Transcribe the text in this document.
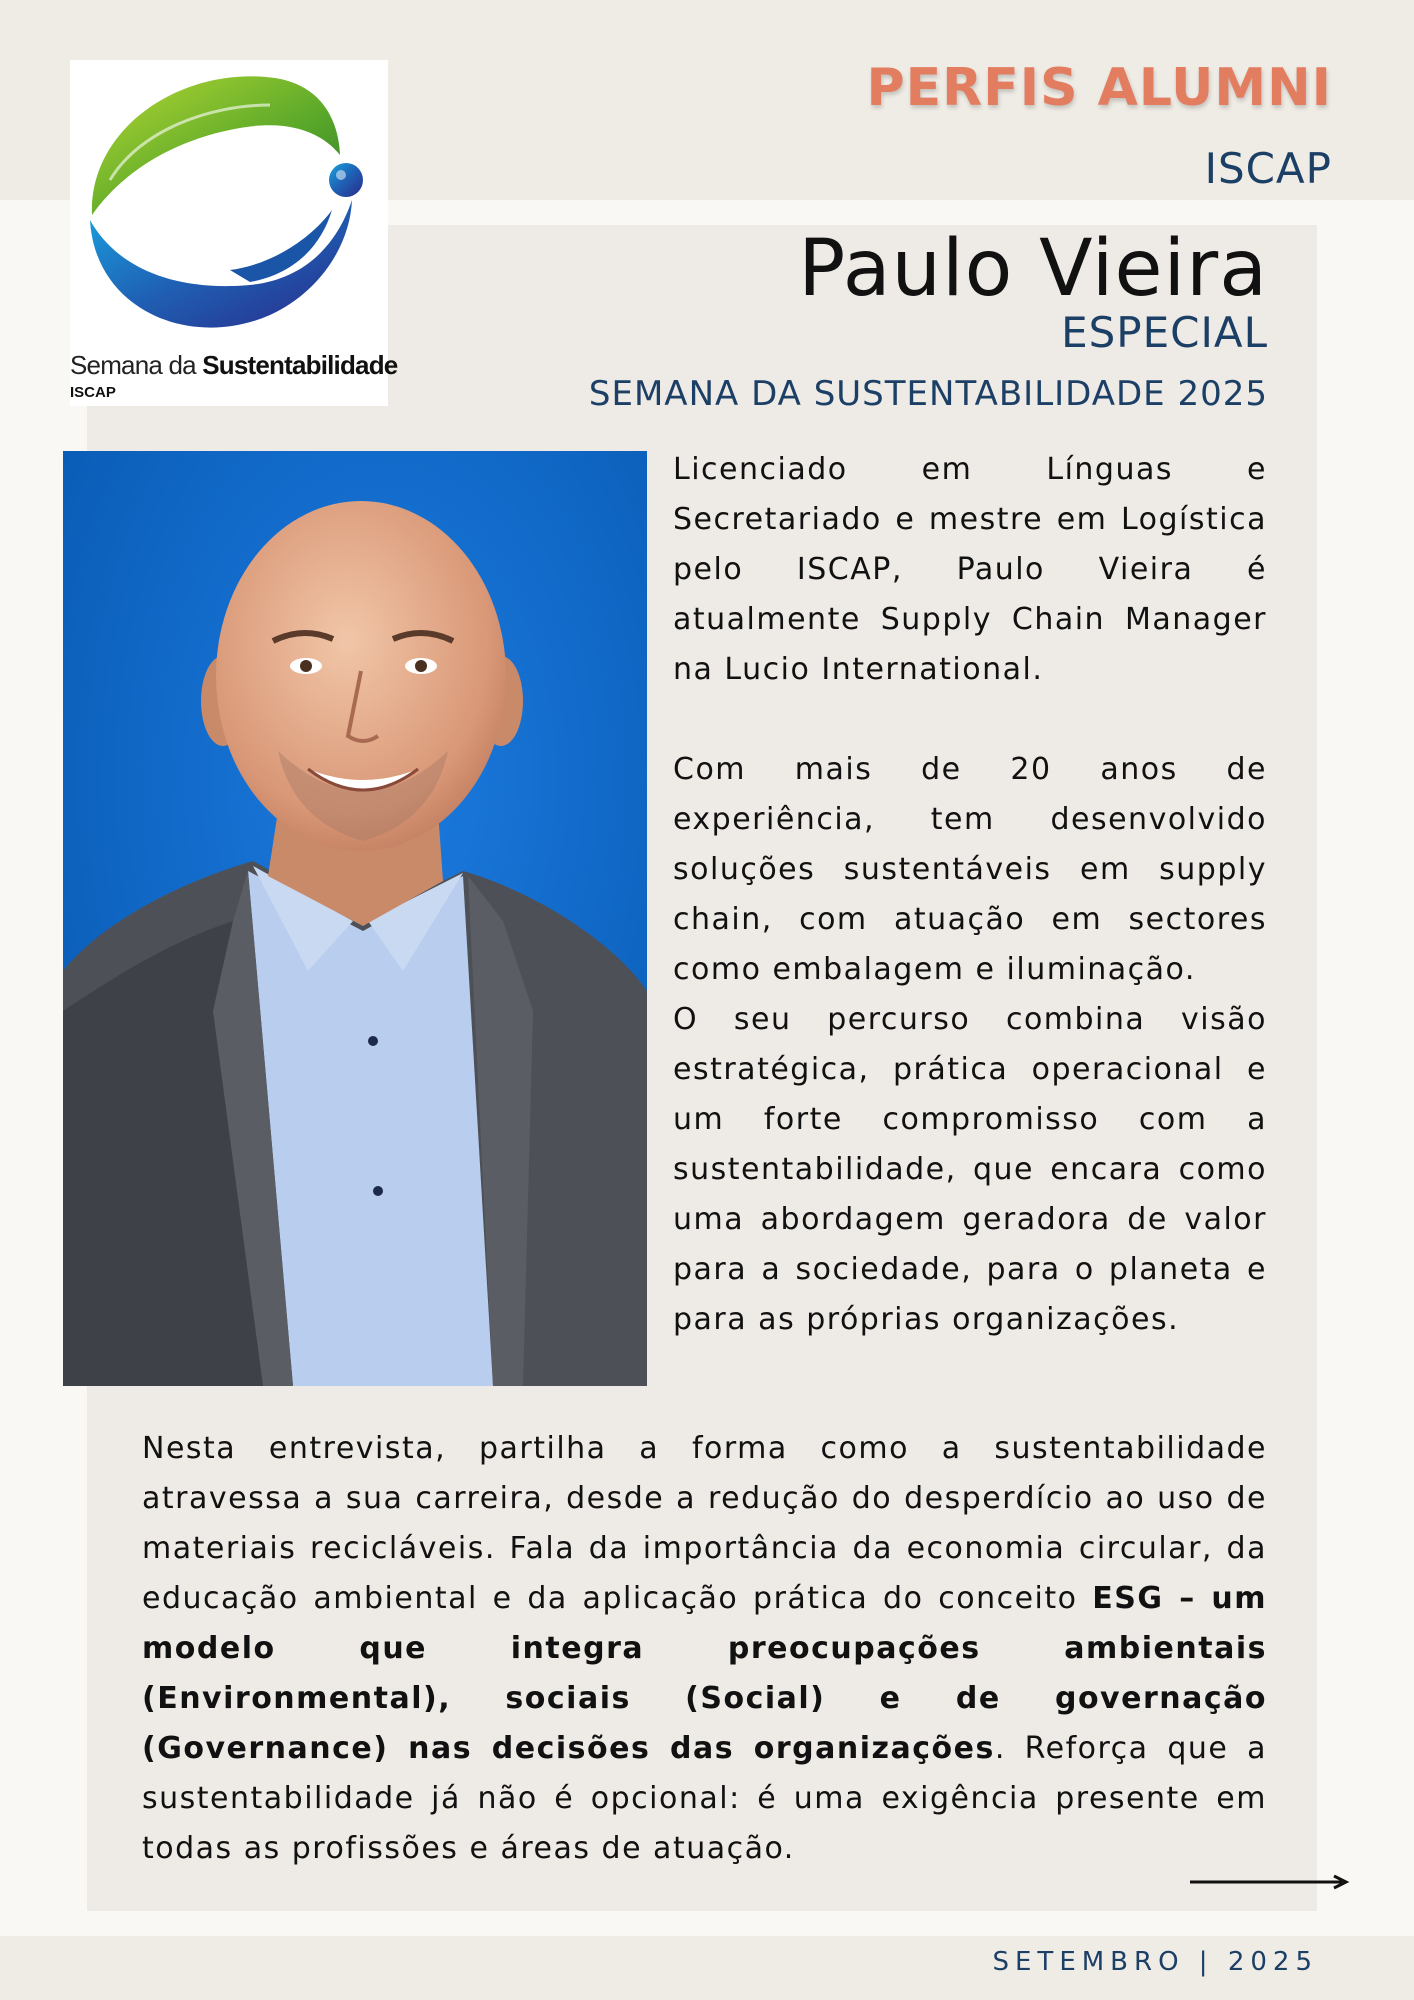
Semana da Sustentabilidade
ISCAP
PERFIS ALUMNI
ISCAP
Paulo Vieira
ESPECIAL
SEMANA DA SUSTENTABILIDADE 2025

Licenciado em Línguas e Secretariado e mestre em Logística pelo ISCAP, Paulo Vieira é atualmente Supply Chain Manager na Lucio International.

Com mais de 20 anos de experiência, tem desenvolvido soluções sustentáveis em supply chain, com atuação em sectores como embalagem e iluminação.

O seu percurso combina visão estratégica, prática operacional e um forte compromisso com a sustentabilidade, que encara como uma abordagem geradora de valor para a sociedade, para o planeta e para as próprias organizações.

Nesta entrevista, partilha a forma como a sustentabilidade atravessa a sua carreira, desde a redução do desperdício ao uso de materiais recicláveis. Fala da importância da economia circular, da educação ambiental e da aplicação prática do conceito ESG – um modelo que integra preocupações ambientais (Environmental), sociais (Social) e de governação (Governance) nas decisões das organizações. Reforça que a sustentabilidade já não é opcional: é uma exigência presente em todas as profissões e áreas de atuação.

SETEMBRO | 2025
